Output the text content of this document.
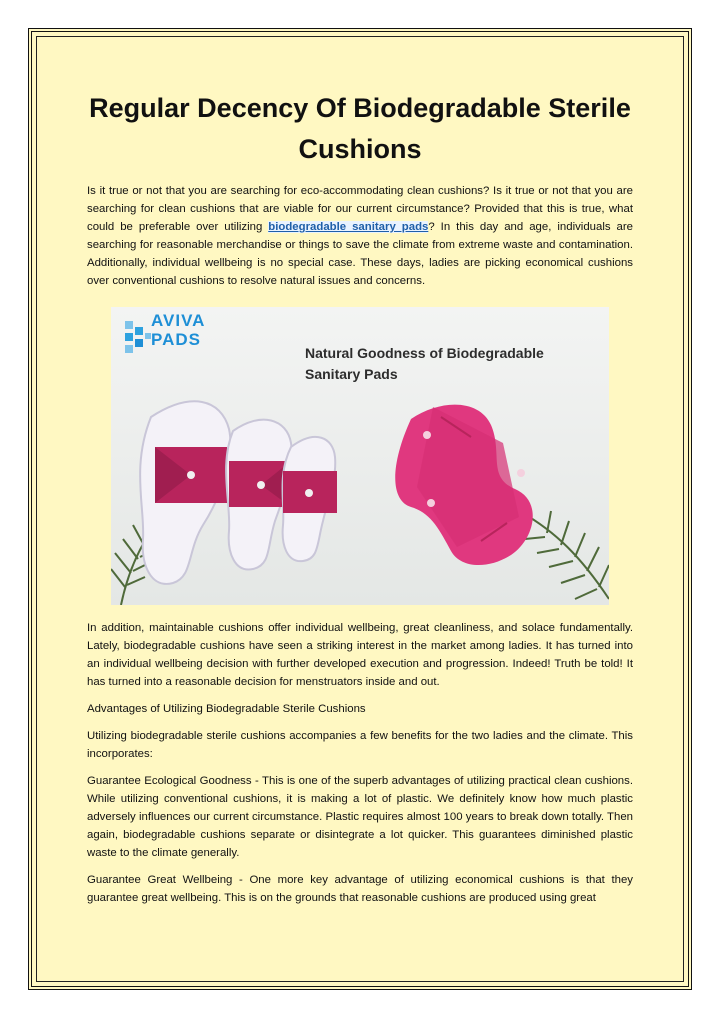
Regular Decency Of Biodegradable Sterile Cushions

Is it true or not that you are searching for eco-accommodating clean cushions? Is it true or not that you are searching for clean cushions that are viable for our current circumstance? Provided that this is true, what could be preferable over utilizing biodegradable sanitary pads? In this day and age, individuals are searching for reasonable merchandise or things to save the climate from extreme waste and contamination. Additionally, individual wellbeing is no special case. These days, ladies are picking economical cushions over conventional cushions to resolve natural issues and concerns.

AVIVA
PADS
Natural Goodness of Biodegradable
Sanitary Pads

In addition, maintainable cushions offer individual wellbeing, great cleanliness, and solace fundamentally. Lately, biodegradable cushions have seen a striking interest in the market among ladies. It has turned into an individual wellbeing decision with further developed execution and progression. Indeed! Truth be told! It has turned into a reasonable decision for menstruators inside and out.

Advantages of Utilizing Biodegradable Sterile Cushions

Utilizing biodegradable sterile cushions accompanies a few benefits for the two ladies and the climate. This incorporates:

Guarantee Ecological Goodness - This is one of the superb advantages of utilizing practical clean cushions. While utilizing conventional cushions, it is making a lot of plastic. We definitely know how much plastic adversely influences our current circumstance. Plastic requires almost 100 years to break down totally. Then again, biodegradable cushions separate or disintegrate a lot quicker. This guarantees diminished plastic waste to the climate generally.

Guarantee Great Wellbeing - One more key advantage of utilizing economical cushions is that they guarantee great wellbeing. This is on the grounds that reasonable cushions are produced using great
